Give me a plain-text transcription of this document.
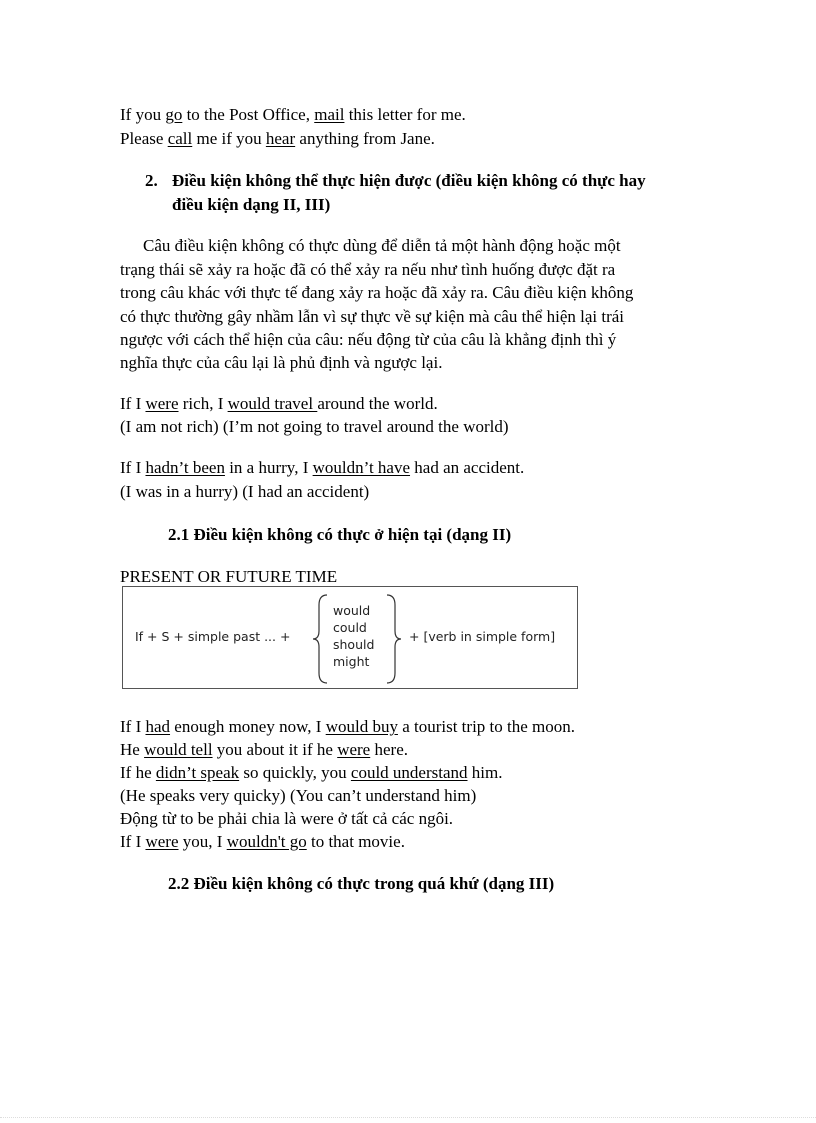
If you go to the Post Office, mail this letter for me.
Please call me if you hear anything from Jane.
2. Điều kiện không thể thực hiện được (điều kiện không có thực hay
điều kiện dạng II, III)
Câu điều kiện không có thực dùng để diễn tả một hành động hoặc một
trạng thái sẽ xảy ra hoặc đã có thể xảy ra nếu như tình huống được đặt ra
trong câu khác với thực tế đang xảy ra hoặc đã xảy ra. Câu điều kiện không
có thực thường gây nhầm lẫn vì sự thực về sự kiện mà câu thể hiện lại trái
ngược với cách thể hiện của câu: nếu động từ của câu là khẳng định thì ý
nghĩa thực của câu lại là phủ định và ngược lại.
If I were rich, I would travel around the world.
(I am not rich) (I’m not going to travel around the world)
If I hadn’t been in a hurry, I wouldn’t have had an accident.
(I was in a hurry) (I had an accident)
2.1 Điều kiện không có thực ở hiện tại (dạng II)
PRESENT OR FUTURE TIME
If + S + simple past ... +
would
could
should
might
+ [verb in simple form]
If I had enough money now, I would buy a tourist trip to the moon.
He would tell you about it if he were here.
If he didn’t speak so quickly, you could understand him.
(He speaks very quicky) (You can’t understand him)
Động từ to be phải chia là were ở tất cả các ngôi.
If I were you, I wouldn't go to that movie.
2.2 Điều kiện không có thực trong quá khứ (dạng III)
